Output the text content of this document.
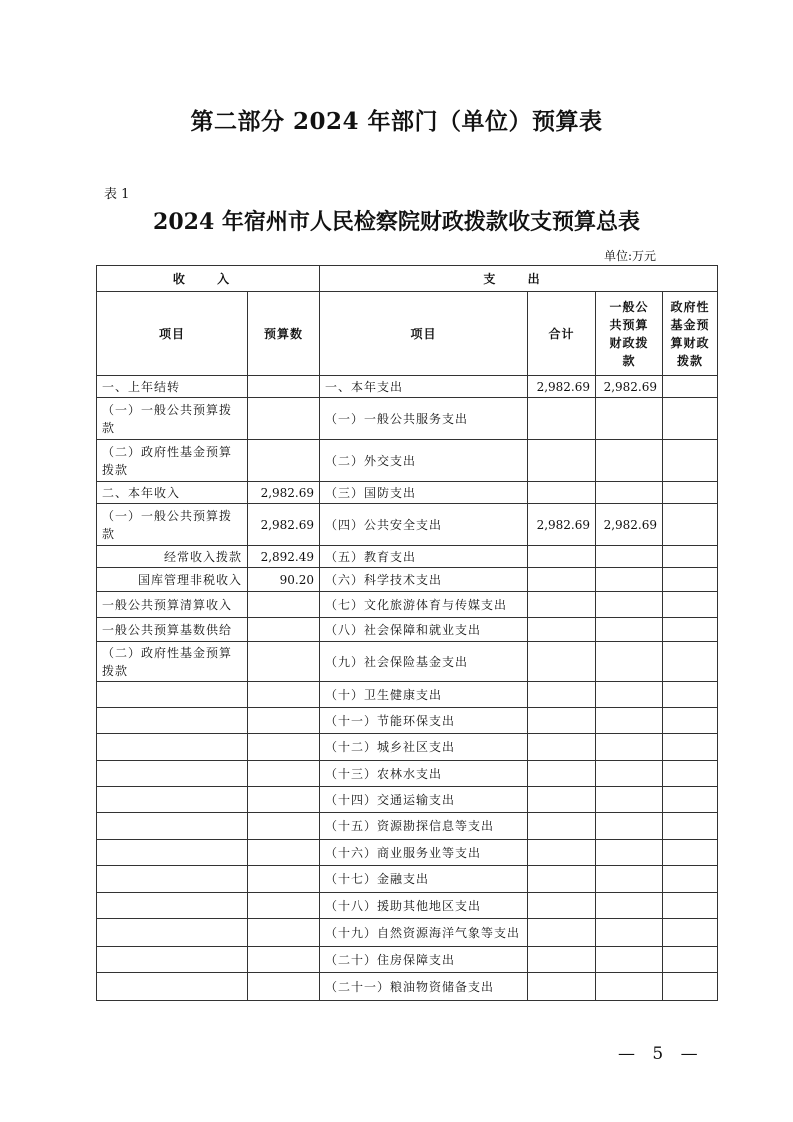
第二部分 2024 年部门（单位）预算表
表 1
2024 年宿州市人民检察院财政拨款收支预算总表
单位:万元
收 入		支 出			
项目	预算数	项目	合计	一般公共预算财政拨款	政府性基金预算财政拨款
一、上年结转		一、本年支出	2,982.69	2,982.69	
（一）一般公共预算拨款		（一）一般公共服务支出			
（二）政府性基金预算拨款		（二）外交支出			
二、本年收入	2,982.69	（三）国防支出			
（一）一般公共预算拨款	2,982.69	（四）公共安全支出	2,982.69	2,982.69	
经常收入拨款	2,892.49	（五）教育支出			
国库管理非税收入	90.20	（六）科学技术支出			
一般公共预算清算收入		（七）文化旅游体育与传媒支出			
一般公共预算基数供给		（八）社会保障和就业支出			
（二）政府性基金预算拨款		（九）社会保险基金支出			
		（十）卫生健康支出			
		（十一）节能环保支出			
		（十二）城乡社区支出			
		（十三）农林水支出			
		（十四）交通运输支出			
		（十五）资源勘探信息等支出			
		（十六）商业服务业等支出			
		（十七）金融支出			
		（十八）援助其他地区支出			
		（十九）自然资源海洋气象等支出			
		（二十）住房保障支出			
		（二十一）粮油物资储备支出			
— 5 —
